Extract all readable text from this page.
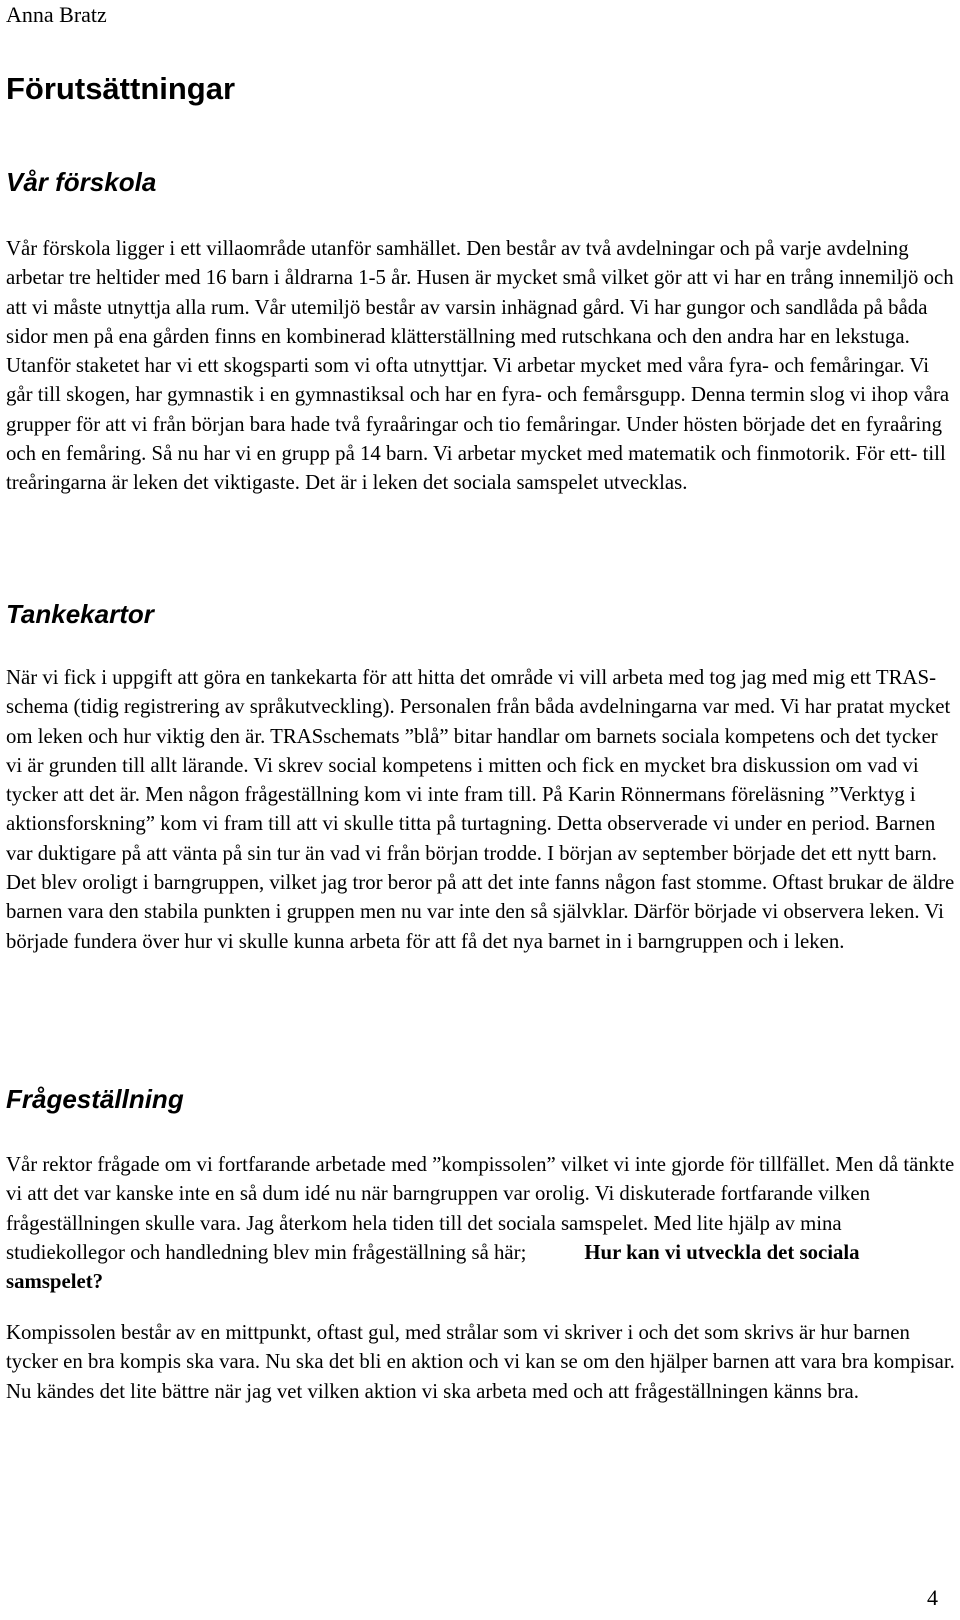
Anna Bratz
Förutsättningar
Vår förskola

Vår förskola ligger i ett villaområde utanför samhället. Den består av två avdelningar och på varje avdelning arbetar tre heltider med 16 barn i åldrarna 1-5 år. Husen är mycket små vilket gör att vi har en trång innemiljö och att vi måste utnyttja alla rum. Vår utemiljö består av varsin inhägnad gård. Vi har gungor och sandlåda på båda sidor men på ena gården finns en kombinerad klätterställning med rutschkana och den andra har en lekstuga. Utanför staketet har vi ett skogsparti som vi ofta utnyttjar. Vi arbetar mycket med våra fyra- och femåringar. Vi går till skogen, har gymnastik i en gymnastiksal och har en fyra- och femårsgupp. Denna termin slog vi ihop våra grupper för att vi från början bara hade två fyraåringar och tio femåringar. Under hösten började det en fyraåring och en femåring. Så nu har vi en grupp på 14 barn. Vi arbetar mycket med matematik och finmotorik. För ett- till treåringarna är leken det viktigaste. Det är i leken det sociala samspelet utvecklas.

Tankekartor

När vi fick i uppgift att göra en tankekarta för att hitta det område vi vill arbeta med tog jag med mig ett TRAS-schema (tidig registrering av språkutveckling). Personalen från båda avdelningarna var med. Vi har pratat mycket om leken och hur viktig den är. TRASschemats ”blå” bitar handlar om barnets sociala kompetens och det tycker vi är grunden till allt lärande. Vi skrev social kompetens i mitten och fick en mycket bra diskussion om vad vi tycker att det är. Men någon frågeställning kom vi inte fram till. På Karin Rönnermans föreläsning ”Verktyg i aktionsforskning” kom vi fram till att vi skulle titta på turtagning. Detta observerade vi under en period. Barnen var duktigare på att vänta på sin tur än vad vi från början trodde. I början av september började det ett nytt barn. Det blev oroligt i barngruppen, vilket jag tror beror på att det inte fanns någon fast stomme. Oftast brukar de äldre barnen vara den stabila punkten i gruppen men nu var inte den så självklar. Därför började vi observera leken. Vi började fundera över hur vi skulle kunna arbeta för att få det nya barnet in i barngruppen och i leken.

Frågeställning

Vår rektor frågade om vi fortfarande arbetade med ”kompissolen” vilket vi inte gjorde för tillfället. Men då tänkte vi att det var kanske inte en så dum idé nu när barngruppen var orolig. Vi diskuterade fortfarande vilken frågeställningen skulle vara. Jag återkom hela tiden till det sociala samspelet. Med lite hjälp av mina studiekollegor och handledning blev min frågeställning så här;	Hur kan vi utveckla det sociala samspelet?

Kompissolen består av en mittpunkt, oftast gul, med strålar som vi skriver i och det som skrivs är hur barnen tycker en bra kompis ska vara. Nu ska det bli en aktion och vi kan se om den hjälper barnen att vara bra kompisar. Nu kändes det lite bättre när jag vet vilken aktion vi ska arbeta med och att frågeställningen känns bra.

4
